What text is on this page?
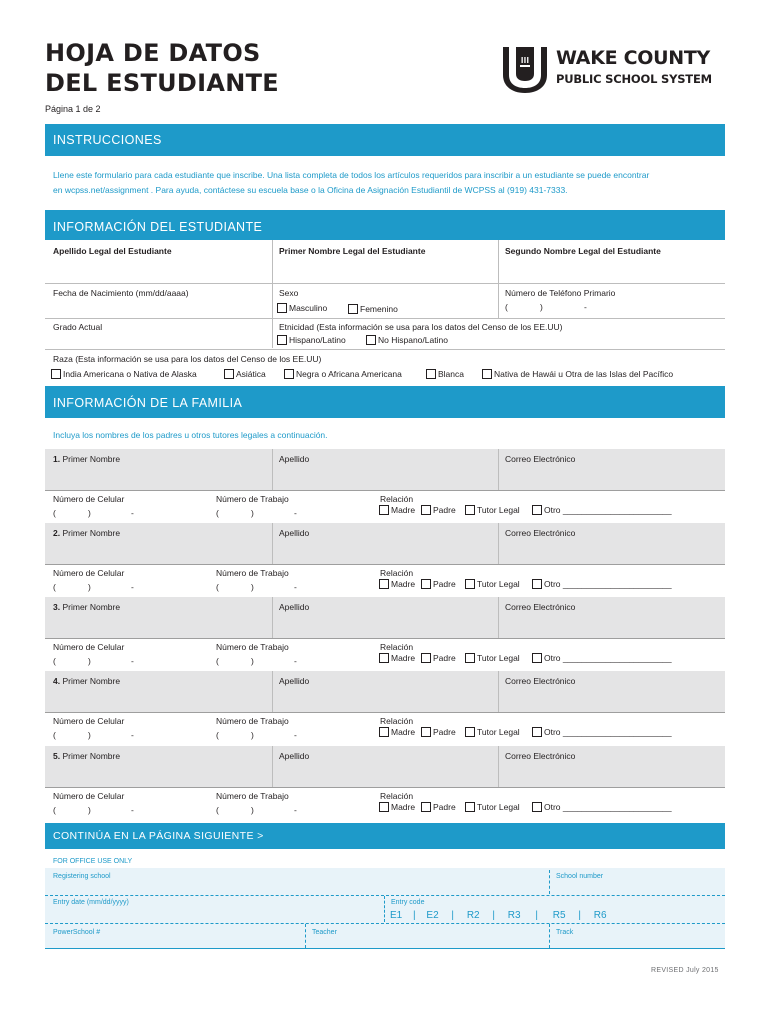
HOJA DE DATOS
DEL ESTUDIANTE
Página 1 de 2
WAKE COUNTY
PUBLIC SCHOOL SYSTEM
INSTRUCCIONES
Llene este formulario para cada estudiante que inscribe. Una lista completa de todos los artículos requeridos para inscribir a un estudiante se puede encontrar
en wcpss.net/assignment . Para ayuda, contáctese su escuela base o la Oficina de Asignación Estudiantil de WCPSS al (919) 431-7333.
INFORMACIÓN DEL ESTUDIANTE
Apellido Legal del Estudiante	Primer Nombre Legal del Estudiante	Segundo Nombre Legal del Estudiante
Fecha de Nacimiento (mm/dd/aaaa)	Sexo
Masculino	Femenino
Número de Teléfono Primario
(	)	-
Grado Actual	Etnicidad (Esta información se usa para los datos del Censo de los EE.UU)
Hispano/Latino	No Hispano/Latino
Raza (Esta información se usa para los datos del Censo de los EE.UU)
India Americana o Nativa de Alaska	Asiática	Negra o Africana Americana	Blanca	Nativa de Hawái u Otra de las Islas del Pacífico
INFORMACIÓN DE LA FAMILIA
Incluya los nombres de los padres u otros tutores legales a continuación.
1. Primer Nombre	Apellido	Correo Electrónico
Número de Celular
(	)	-
Número de Trabajo
(	)	-
Relación
Madre	Padre	Tutor Legal	Otro _______________________
2. Primer Nombre	Apellido	Correo Electrónico
Número de Celular
(	)	-
Número de Trabajo
(	)	-
Relación
Madre	Padre	Tutor Legal	Otro _______________________
3. Primer Nombre	Apellido	Correo Electrónico
Número de Celular
(	)	-
Número de Trabajo
(	)	-
Relación
Madre	Padre	Tutor Legal	Otro _______________________
4. Primer Nombre	Apellido	Correo Electrónico
Número de Celular
(	)	-
Número de Trabajo
(	)	-
Relación
Madre	Padre	Tutor Legal	Otro _______________________
5. Primer Nombre	Apellido	Correo Electrónico
Número de Celular
(	)	-
Número de Trabajo
(	)	-
Relación
Madre	Padre	Tutor Legal	Otro _______________________
CONTINÚA EN LA PÁGINA SIGUIENTE >
FOR OFFICE USE ONLY
Registering school	School number
Entry date (mm/dd/yyyy)	Entry code
E1 | E2 | R2 | R3 | R5 | R6
PowerSchool #	Teacher	Track
REVISED July 2015
